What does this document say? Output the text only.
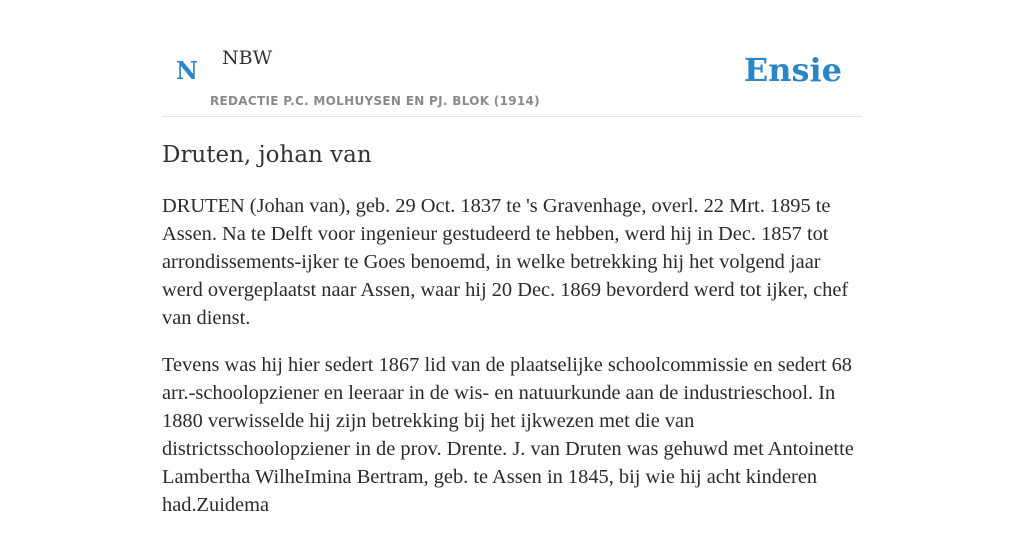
N NBW
REDACTIE P.C. MOLHUYSEN EN PJ. BLOK (1914)
Ensie
Druten, johan van

DRUTEN (Johan van), geb. 29 Oct. 1837 te 's Gravenhage, overl. 22 Mrt. 1895 te Assen. Na te Delft voor ingenieur gestudeerd te hebben, werd hij in Dec. 1857 tot arrondissements-ijker te Goes benoemd, in welke betrekking hij het volgend jaar werd overgeplaatst naar Assen, waar hij 20 Dec. 1869 bevorderd werd tot ijker, chef van dienst.

Tevens was hij hier sedert 1867 lid van de plaatselijke schoolcommissie en sedert 68 arr.-schoolopziener en leeraar in de wis- en natuurkunde aan de industrieschool. In 1880 verwisselde hij zijn betrekking bij het ijkwezen met die van districtsschoolopziener in de prov. Drente. J. van Druten was gehuwd met Antoinette Lambertha WilheImina Bertram, geb. te Assen in 1845, bij wie hij acht kinderen had.Zuidema
